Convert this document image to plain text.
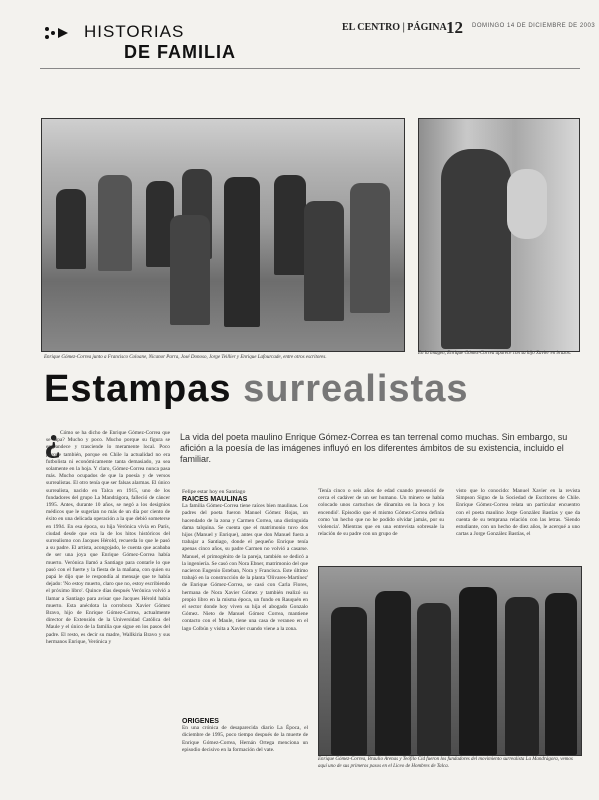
HISTORIAS
DE FAMILIA
EL CENTRO | PÁGINA 12 DOMINGO 14 DE DICIEMBRE DE 2003
Enrique Gómez-Correa junto a Francisco Coloane, Nicanor Parra, José Donoso, Jorge Teillier y Enrique Lafourcade, entre otros escritores.
En la imagen, Enrique Gómez-Correa aparece con su hijo Xavier en brazos.
Estampas surrealistas
La vida del poeta maulino Enrique Gómez-Correa es tan terrenal como muchas. Sin embargo, su afición a la poesía de las imágenes influyó en los diferentes ámbitos de su existencia, incluido el familiar.
¿ Cómo se ha dicho de Enrique Gómez-Correa que se tapa? Mucho y poco. Mucho porque su figura se engrandece y trasciende lo meramente local. Poco porque también, porque en Chile la actualidad no era futbolista ni económicamente tanta demasiado, ya sea solamente en la hoja. Y claro, Gómez-Correa nunca pasa más. Mucho ocupados de que la poesía y de versos surrealistas. El otro tenía que ser falsas alarmas. El único surrealista, nacido en Talca en 1915, uno de los fundadores del grupo La Mandrágora, falleció de cáncer 1995. Antes, durante 10 años, se negó a los designios médicos que le sugerían no más de un día por ciento de éxito en una delicada operación a la que debió someterse en 1994. En esa época, su hija Verónica vivía en París, ciudad desde que era la de los hitos históricos del surrealismo con Jacques Hérold, recuerda lo que le pasó a su padre. El artista, acongojado, le cuenta que acababa de ser una joya que Enrique Gómez-Correa había muerto. Verónica llamó a Santiago para contarle lo que pasó con el fuerte y la fiesta de la mañana, con quien su papá le dijo que le respondía al mensaje que te había dejado: 'No estoy muerto, claro que no, estoy escribiendo el próximo libro'. Quince días después Verónica volvió a llamar a Santiago para avisar que Jacques Hérold había muerto. Esta anécdota la corrobora Xavier Gómez Bravo, hijo de Enrique Gómez-Correa, actualmente director de Extensión de la Universidad Católica del Maule y el único de la familia que sigue en los pasos del padre. El resto, es decir su madre, Wallkiria Bravo y sus hermanos Enrique, Verónica y
Felipe estar hoy en Santiago
RAÍCES MAULINAS
La familia Gómez-Correa tiene raíces bien maulinas. Los padres del poeta fueron Manuel Gómez Rojas, un hacendado de la zona y Carmen Correa, una distinguida dama talquina. Se cuenta que el matrimonio tuvo dos hijos (Manuel y Enrique), antes que don Manuel fuera a trabajar a Santiago, donde el pequeño Enrique tenía apenas cinco años, su padre Carmen no volvió a casarse. Manuel, el primogénito de la pareja, también se dedicó a la ingeniería. Se casó con Nora Ebner, matrimonio del que nacieron Eugenio Esteban, Nora y Francisca. Este último trabajó en la construcción de la planta 'Olivares-Martínez' de Enrique Gómez-Correa, se casó con Carla Flores, hermana de Nora Xavier Gómez y también realizó su propio libro en la misma época, un fundo en Rauquén en el sector donde hoy viven su hija el abogado Gonzalo Gómez. Nieto de Manuel Gómez Correa, mantiene contacto con el Maule, tiene una casa de veraneo en el lago Colbún y visita a Xavier cuando viene a la zona.
ORÍGENES
En una crónica de desaparecida diario La Época, el diciembre de 1995, poco tiempo después de la muerte de Enrique Gómez-Correa, Hernán Ortega menciona un episodio decisivo en la formación del vate.
'Tenía cinco o seis años de edad cuando presenció de cerca el cadáver de un ser humano. Un minero se había colocado unos cartuchos de dinamita en la boca y los encendió'. Episodio que el mismo Gómez-Correa definía como 'un hecho que no he podido olvidar jamás, por su violencia'. Mientras que en una entrevista sobresale la relación de su padre con un grupo de
visto que lo conocido: Manuel Xavier en la revista Simpson Signo de la Sociedad de Escritores de Chile. Enrique Gómez-Correa relata un particular encuentro con el poeta maulino Jorge González Bastías y que da cuenta de su temprana relación con las letras. 'Siendo estudiante, con un hecho de diez años, le acerqué a uno cartas a Jorge González Bastías, el
Enrique Gómez-Correa, Braulio Arenas y Teófilo Cid fueron los fundadores del movimiento surrealista La Mandrágora, vemos aquí uno de sus primeros pasos en el Liceo de Hombres de Talca.
